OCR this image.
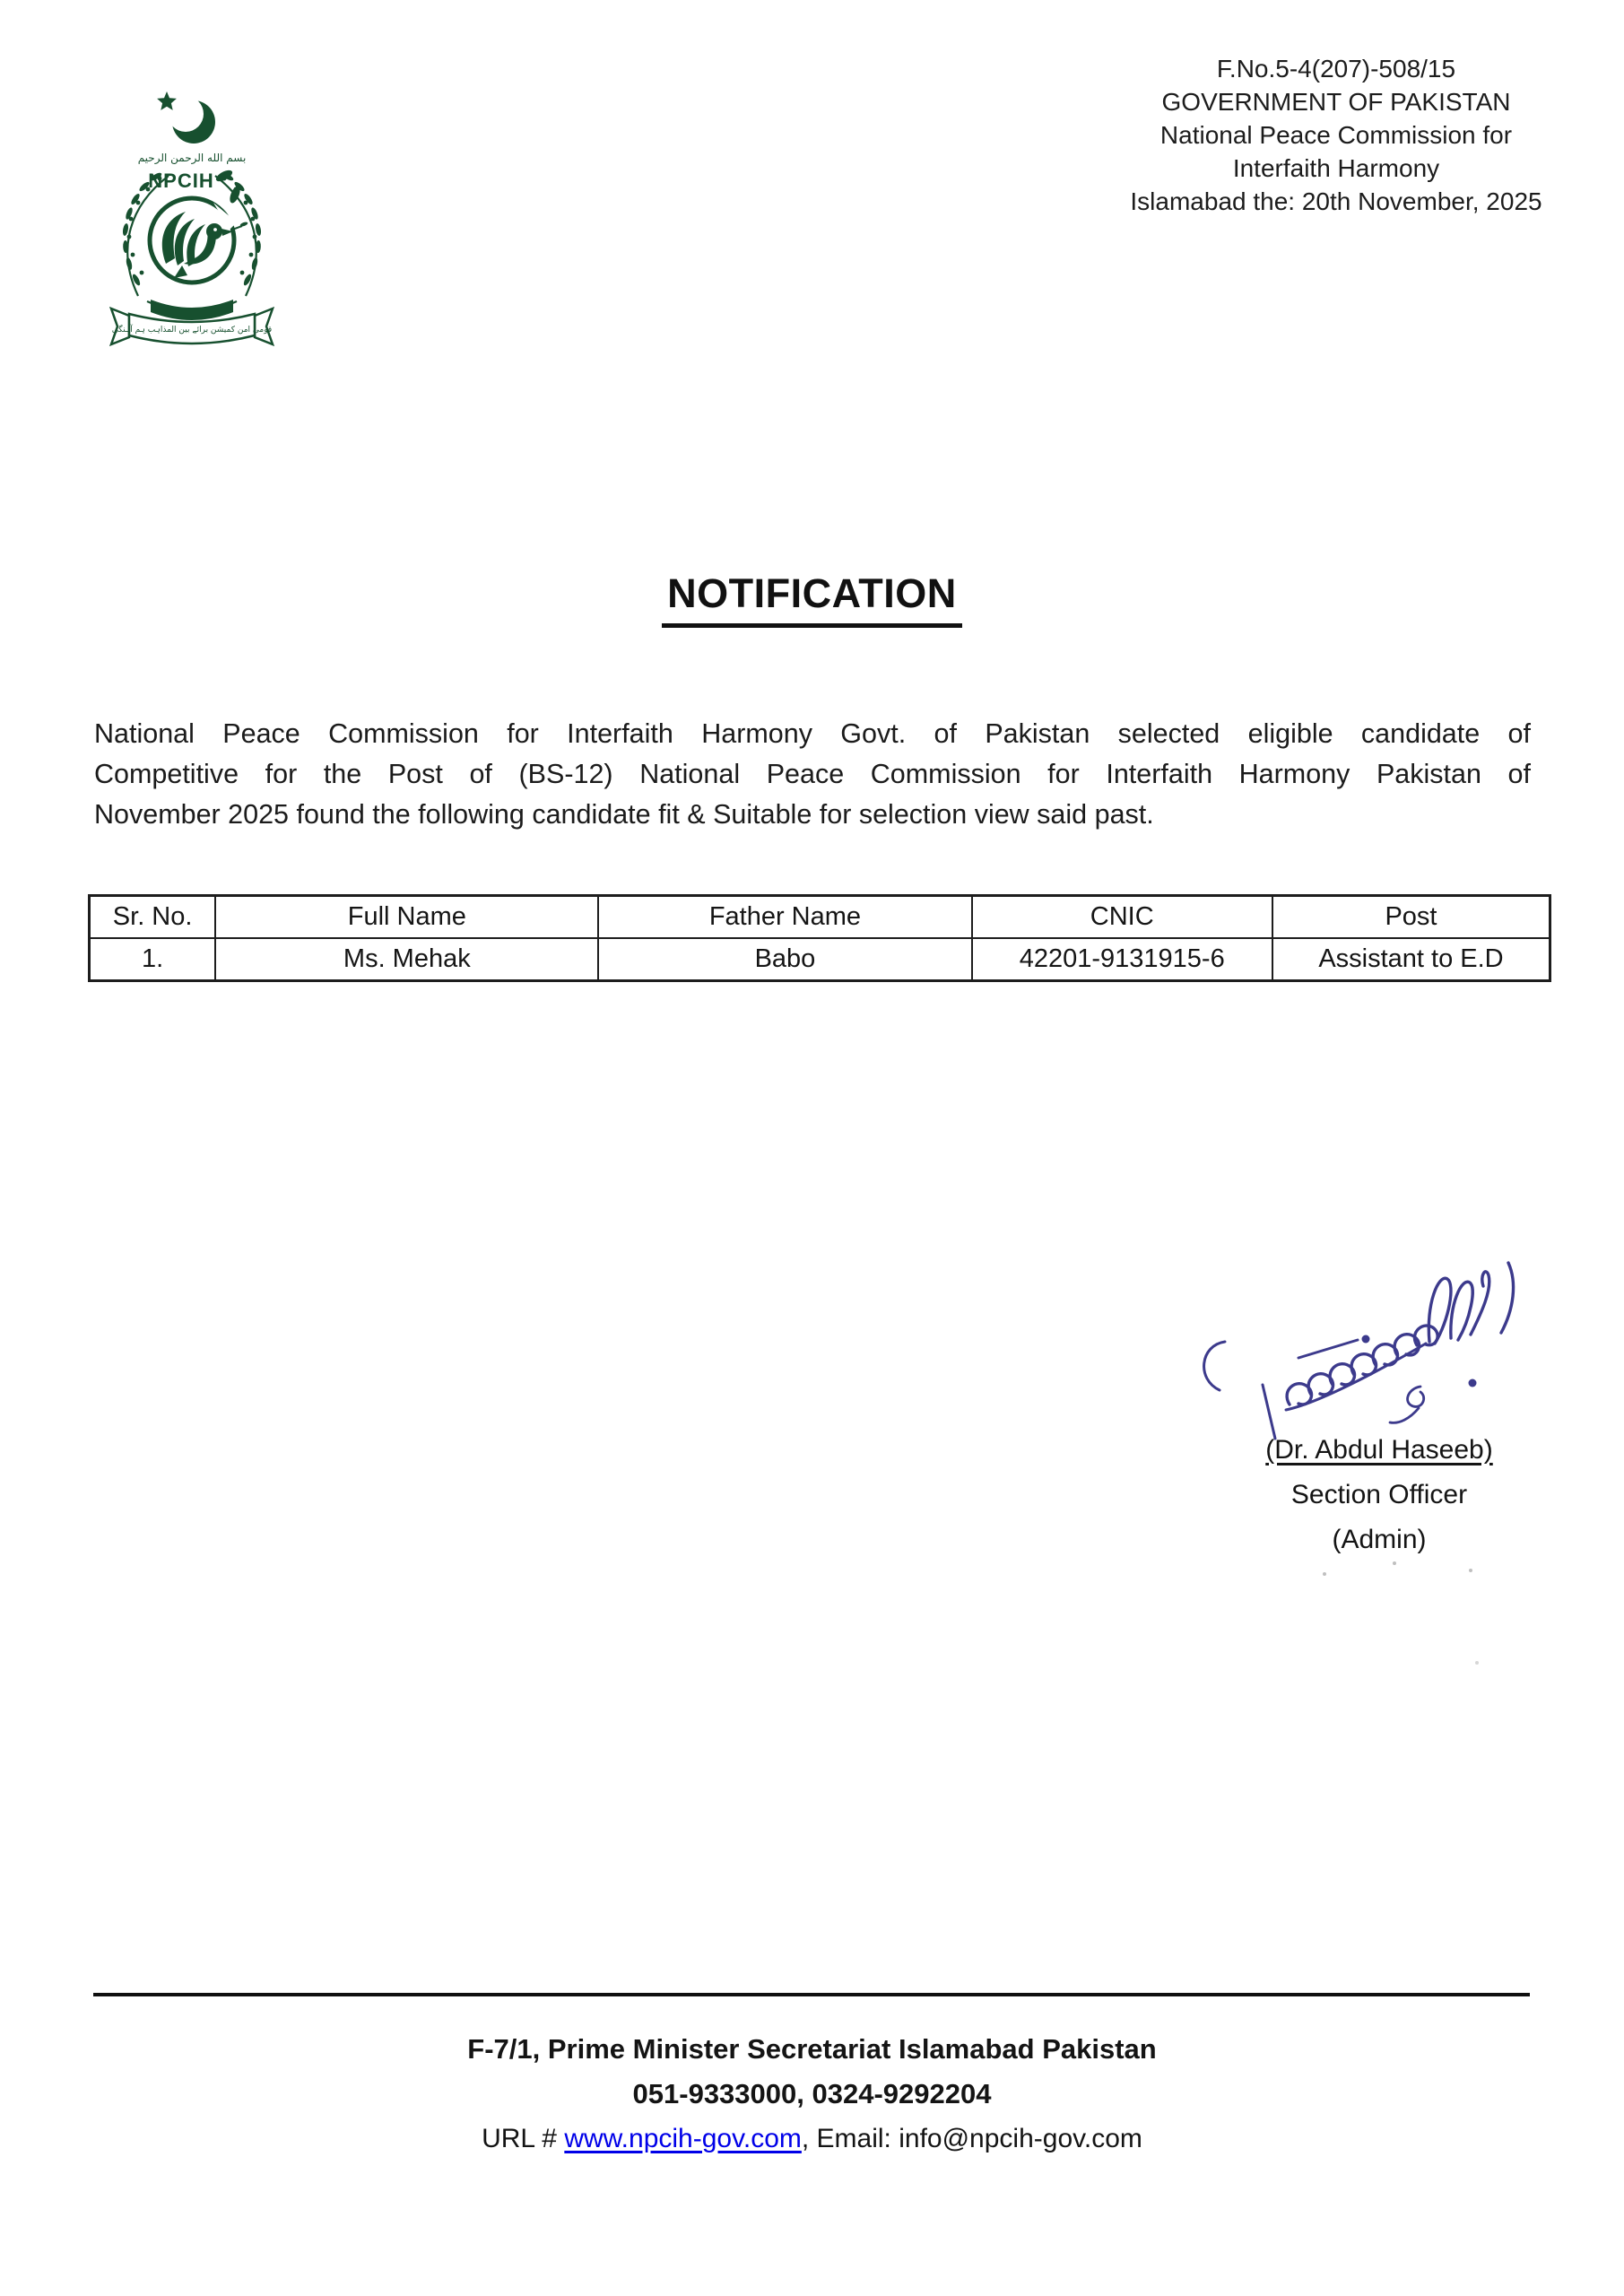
بسم الله الرحمن الرحيم
NPCIH
قومی امن کمیشن برائے بین المذاہب ہم آہنگی
F.No.5-4(207)-508/15
GOVERNMENT OF PAKISTAN
National Peace Commission for
Interfaith Harmony
Islamabad the: 20th November, 2025
NOTIFICATION
National Peace Commission for Interfaith Harmony Govt. of Pakistan selected eligible candidate of
Competitive for the Post of (BS-12) National Peace Commission for Interfaith Harmony Pakistan of
November 2025 found the following candidate fit & Suitable for selection view said past.
Sr. No.	Full Name	Father Name	CNIC	Post
1.	Ms. Mehak	Babo	42201-9131915-6	Assistant to E.D
(Dr. Abdul Haseeb)
Section Officer
(Admin)
F-7/1, Prime Minister Secretariat Islamabad Pakistan
051-9333000, 0324-9292204
URL # www.npcih-gov.com, Email: info@npcih-gov.com
